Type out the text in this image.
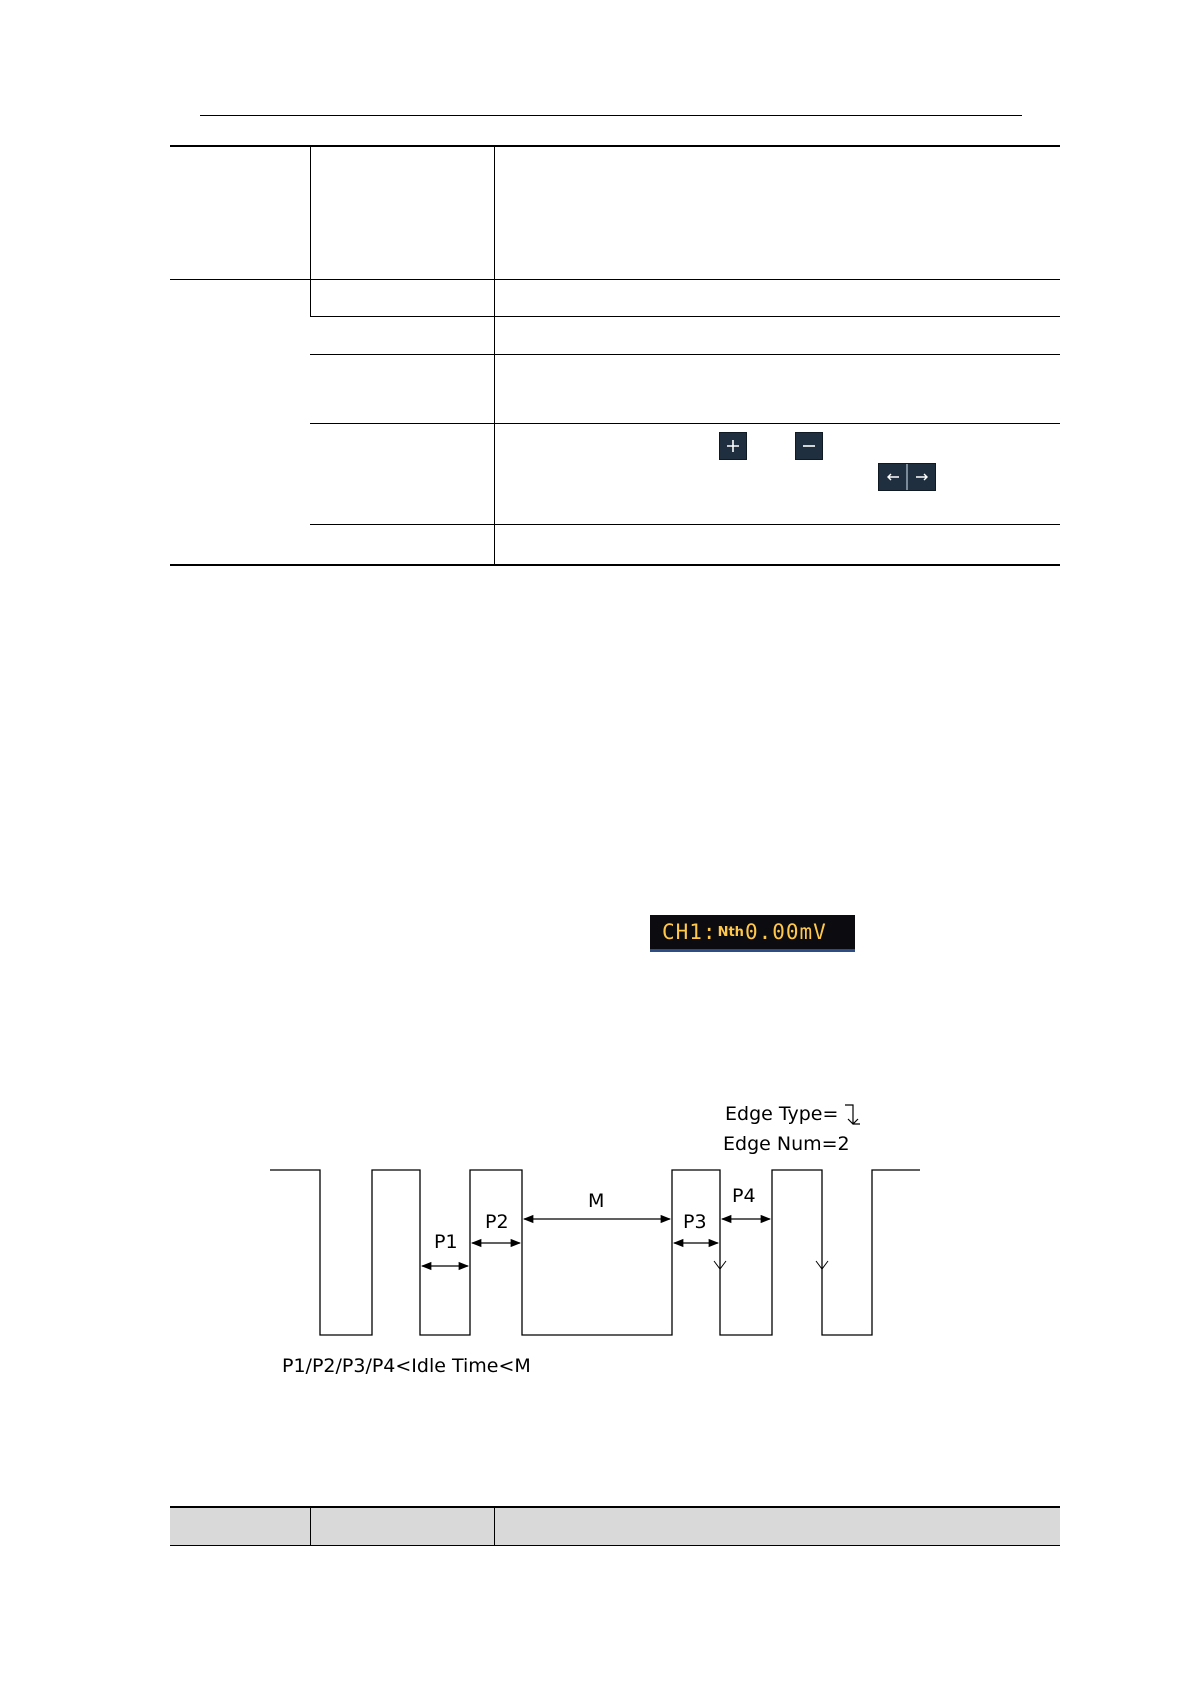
CH1: Nth 0.00mV
Edge Type=
Edge Num=2
P1
P2
M
P3
P4
P1/P2/P3/P4<Idle Time<M
